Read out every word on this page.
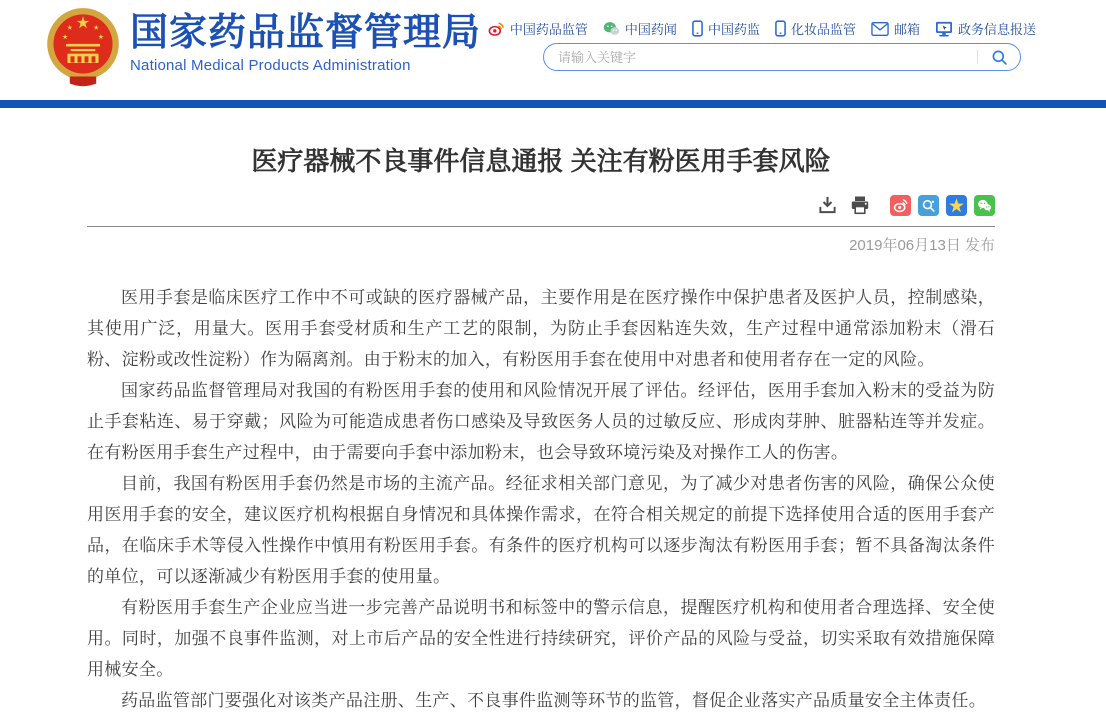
国家药品监督管理局
National Medical Products Administration
中国药品监管	中国药闻 中国药监 化妆品监管	邮箱	政务信息报送
请输入关键字
医疗器械不良事件信息通报 关注有粉医用手套风险
2019年06月13日 发布

医用手套是临床医疗工作中不可或缺的医疗器械产品，主要作用是在医疗操作中保护患者及医护人员，控制感染，其使用广泛，用量大。医用手套受材质和生产工艺的限制，为防止手套因粘连失效，生产过程中通常添加粉末（滑石粉、淀粉或改性淀粉）作为隔离剂。由于粉末的加入，有粉医用手套在使用中对患者和使用者存在一定的风险。

国家药品监督管理局对我国的有粉医用手套的使用和风险情况开展了评估。经评估，医用手套加入粉末的受益为防止手套粘连、易于穿戴；风险为可能造成患者伤口感染及导致医务人员的过敏反应、形成肉芽肿、脏器粘连等并发症。在有粉医用手套生产过程中，由于需要向手套中添加粉末，也会导致环境污染及对操作工人的伤害。

目前，我国有粉医用手套仍然是市场的主流产品。经征求相关部门意见，为了减少对患者伤害的风险，确保公众使用医用手套的安全，建议医疗机构根据自身情况和具体操作需求，在符合相关规定的前提下选择使用合适的医用手套产品，在临床手术等侵入性操作中慎用有粉医用手套。有条件的医疗机构可以逐步淘汰有粉医用手套；暂不具备淘汰条件的单位，可以逐渐减少有粉医用手套的使用量。

有粉医用手套生产企业应当进一步完善产品说明书和标签中的警示信息，提醒医疗机构和使用者合理选择、安全使用。同时，加强不良事件监测，对上市后产品的安全性进行持续研究，评价产品的风险与受益，切实采取有效措施保障用械安全。

药品监管部门要强化对该类产品注册、生产、不良事件监测等环节的监管，督促企业落实产品质量安全主体责任。
